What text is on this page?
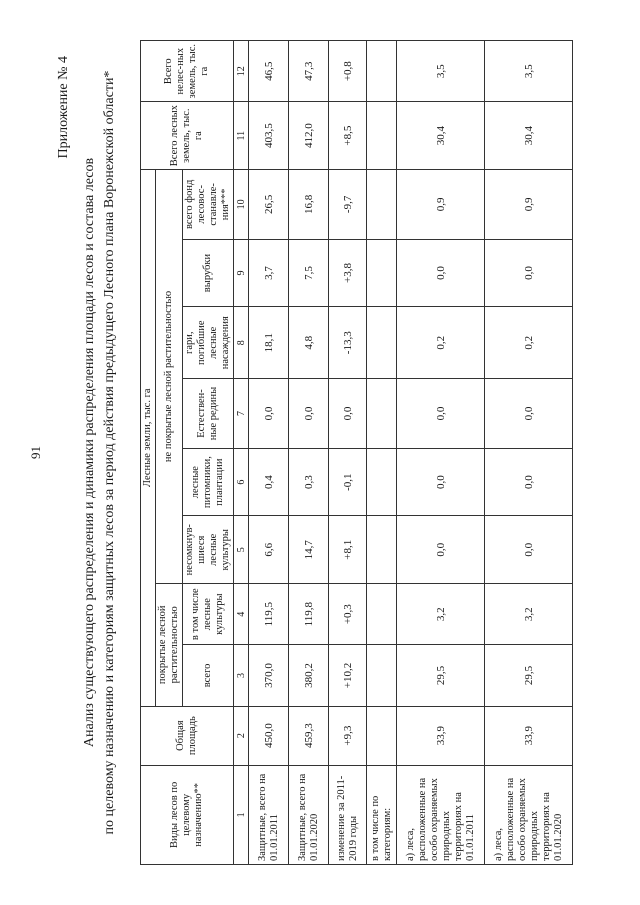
91
Приложение № 4
Анализ существующего распределения и динамики распределения площади лесов и состава лесов по целевому назначению и категориям защитных лесов за период действия предыдущего Лесного плана Воронежской области*	Виды лесов по целевому назначению**	Общая площадь	Лесные земли, тыс. га								Всего лесных земель, тыс. га	Всего нелес-ных земель, тыс. га
		покрытые лесной растительностью		не покрытые лесной растительностью							
		всего	в том числе лесные культуры	несомкнув-шиеся лесные культуры	лесные питомники, плантации	Естествен-ные редины	гари, погибшие лесные насаждения	вырубки	всего фонд лесовос-станавле-ния***		
1	2	3	4	5	6	7	8	9	10	11	12
Защитные, всего на 01.01.2011	450,0	370,0	119,5	6,6	0,4	0,0	18,1	3,7	26,5	403,5	46,5
Защитные, всего на 01.01.2020	459,3	380,2	119,8	14,7	0,3	0,0	4,8	7,5	16,8	412,0	47,3
изменение за 2011-2019 годы	+9,3	+10,2	+0,3	+8,1	-0,1	0,0	-13,3	+3,8	-9,7	+8,5	+0,8
в том числе по категориям:											
а) леса, расположенные на особо охраняемых природных территориях на 01.01.2011	33,9	29,5	3,2	0,0	0,0	0,0	0,2	0,0	0,9	30,4	3,5
а) леса, расположенные на особо охраняемых природных территориях на 01.01.2020	33,9	29,5	3,2	0,0	0,0	0,0	0,2	0,0	0,9	30,4	3,5
